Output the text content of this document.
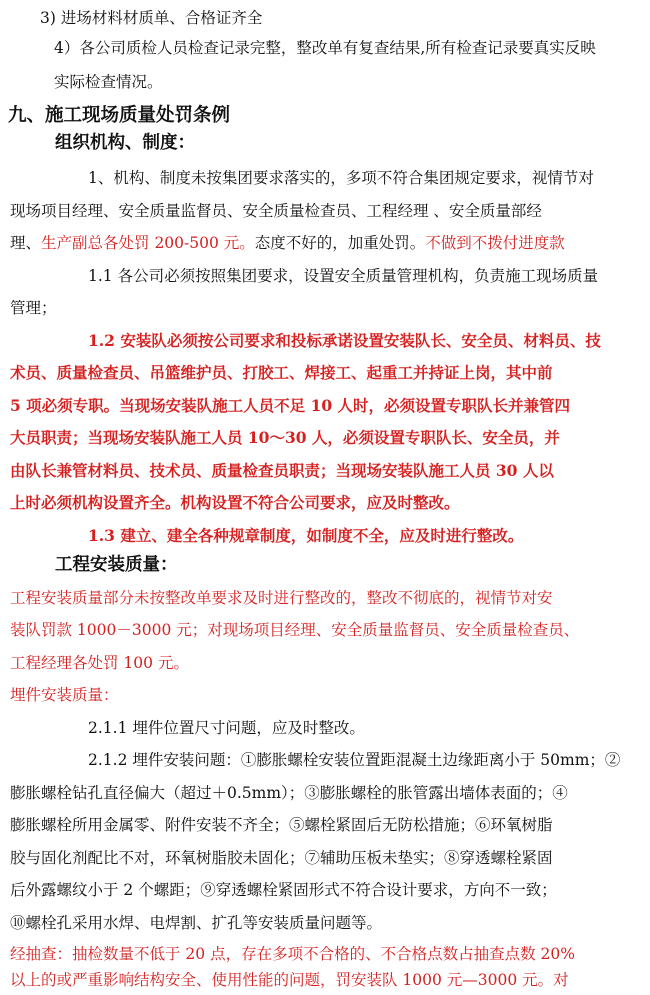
3) 进场材料材质单、合格证齐全
4）各公司质检人员检查记录完整，整改单有复查结果,所有检查记录要真实反映
实际检查情况。
九、施工现场质量处罚条例
组织机构、制度：
1、机构、制度未按集团要求落实的，多项不符合集团规定要求，视情节对
现场项目经理、安全质量监督员、安全质量检查员、工程经理 、安全质量部经
理、生产副总各处罚 200-500 元。态度不好的，加重处罚。不做到不拨付进度款
1.1 各公司必须按照集团要求，设置安全质量管理机构，负责施工现场质量
管理；
1.2 安装队必须按公司要求和投标承诺设置安装队长、安全员、材料员、技
术员、质量检查员、吊篮维护员、打胶工、焊接工、起重工并持证上岗，其中前
5 项必须专职。当现场安装队施工人员不足 10 人时，必须设置专职队长并兼管四
大员职责；当现场安装队施工人员 10～30 人，必须设置专职队长、安全员，并
由队长兼管材料员、技术员、质量检查员职责；当现场安装队施工人员 30 人以
上时必须机构设置齐全。机构设置不符合公司要求，应及时整改。
1.3 建立、建全各种规章制度，如制度不全，应及时进行整改。
工程安装质量：
工程安装质量部分未按整改单要求及时进行整改的，整改不彻底的，视情节对安
装队罚款 1000－3000 元；对现场项目经理、安全质量监督员、安全质量检查员、
工程经理各处罚 100 元。
埋件安装质量：
2.1.1 埋件位置尺寸问题，应及时整改。
2.1.2 埋件安装问题：①膨胀螺栓安装位置距混凝土边缘距离小于 50mm；②
膨胀螺栓钻孔直径偏大（超过＋0.5mm）；③膨胀螺栓的胀管露出墙体表面的；④
膨胀螺栓所用金属零、附件安装不齐全；⑤螺栓紧固后无防松措施；⑥环氧树脂
胶与固化剂配比不对，环氧树脂胶未固化；⑦辅助压板未垫实；⑧穿透螺栓紧固
后外露螺纹小于 2 个螺距；⑨穿透螺栓紧固形式不符合设计要求，方向不一致；
⑩螺栓孔采用水焊、电焊割、扩孔等安装质量问题等。
经抽查：抽检数量不低于 20 点，存在多项不合格的、不合格点数占抽查点数 20%
以上的或严重影响结构安全、使用性能的问题，罚安装队 1000 元—3000 元。对
